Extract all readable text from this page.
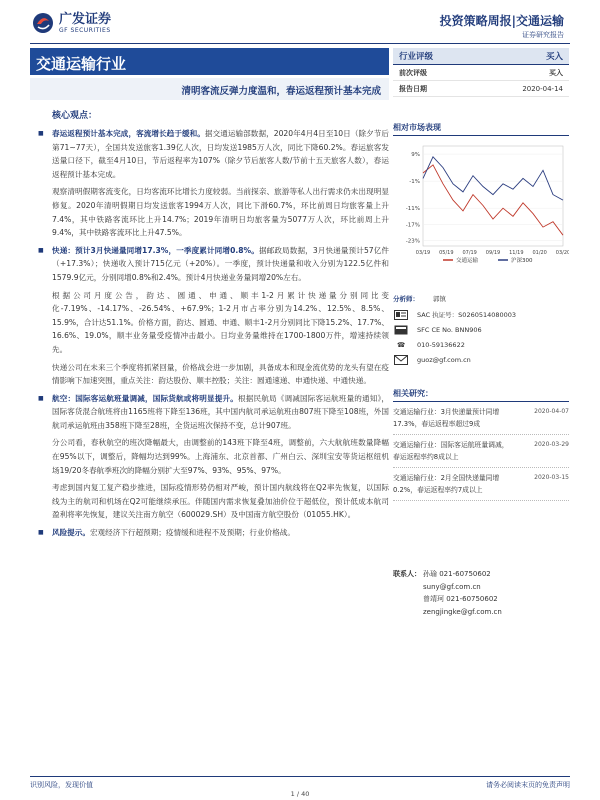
广发证券
GF SECURITIES
投资策略周报|交通运输
证券研究报告
交通运输行业
清明客流反弹力度温和，春运返程预计基本完成
行业评级	买入
前次评级	买入
报告日期	2020-04-14
核心观点：

■ 春运返程预计基本完成，客流增长趋于缓和。据交通运输部数据，2020年4月4日至10日（除夕节后第71~77天），全国共发送旅客1.39亿人次，日均发送1985万人次，同比下降60.2%。春运旅客发送量口径下，截至4月10日，节后返程率为107%（除夕节后旅客人数/节前十五天旅客人数），春运返程预计基本完成。

观察清明假期客流变化，日均客流环比增长力度较弱。当前探亲、旅游等私人出行需求仍未出现明显修复。2020年清明假期日均发送旅客1994万人次，同比下滑60.7%，环比前周日均旅客量上升7.4%，其中铁路客流环比上升14.7%；2019年清明日均旅客量为5077万人次，环比前周上升9.4%，其中铁路客流环比上升47.5%。

■ 快递：预计3月快递量同增17.3%，一季度累计同增0.8%。据邮政局数据，3月快递量预计57亿件（+17.3%）；快递收入预计715亿元（+20%）。一季度，预计快递量和收入分别为122.5亿件和1579.9亿元，分别同增0.8%和2.4%。预计4月快递业务量同增20%左右。

根据公司月度公告，韵达、圆通、申通、顺丰1-2月累计快递量分别同比变化-7.19%、-14.17%、-26.54%、+67.9%；1-2月市占率分别为14.2%、12.5%、8.5%、15.9%，合计达51.1%。价格方面，韵达、圆通、申通、顺丰1-2月分别同比下降15.2%、17.7%、16.6%、19.0%，顺丰业务量受疫情冲击最小。日均业务量维持在1700-1800万件，增速持续领先。

快递公司在未来三个季度将抓紧回量，价格战会进一步加剧，具备成本和现金流优势的龙头有望在疫情影响下加速突围，重点关注：韵达股份、顺丰控股；关注：圆通速递、申通快递、中通快递。

■ 航空：国际客运航班量调减，国际货航或将明显提升。根据民航局《调减国际客运航班量的通知》，国际客货混合航班将由1165班将下降至136班，其中国内航司承运航班由807班下降至108班，外国航司承运航班由358班下降至28班，全货运班次保持不变，总计907班。

分公司看，春秋航空的班次降幅最大，由调整前的143班下降至4班，调整前，六大航航班数量降幅在95%以下，调整后，降幅均达到99%。上海浦东、北京首都、广州白云、深圳宝安等货运枢纽机场19/20冬春航季班次的降幅分别扩大至97%、93%、95%、97%。

考虑到国内复工复产稳步推进，国际疫情形势仍相对严峻，预计国内航线将在Q2率先恢复，以国际线为主的航司和机场在Q2可能继续承压。伴随国内需求恢复叠加油价位于超低位，预计低成本航司盈利将率先恢复，建议关注南方航空（600029.SH）及中国南方航空股份（01055.HK）。

■ 风险提示。宏观经济下行超预期；疫情缓和进程不及预期；行业价格战。

相对市场表现
9%
-1%
-11%
-17%
-23%
03/19 05/19 07/19 09/19 11/19 01/20 03/20
交通运输	沪深300
分析师：	郭镇
SAC 执证号：S0260514080003
SFC CE No. BNN906
☎	010-59136622
guoz@gf.com.cn
相关研究：
交通运输行业：3月快递量预计同增17.3%，春运返程率超过9成
2020-04-07
交通运输行业：国际客运航班量调减，春运返程率约8成以上
2020-03-29
交通运输行业：2月全国快递量同增0.2%，春运返程率约7成以上
2020-03-15
联系人： 孙瑜 021-60750602
suny@gf.com.cn
曾靖珂 021-60750602
zengjingke@gf.com.cn
识别风险，发现价值	请务必阅读末页的免责声明
1 / 40
